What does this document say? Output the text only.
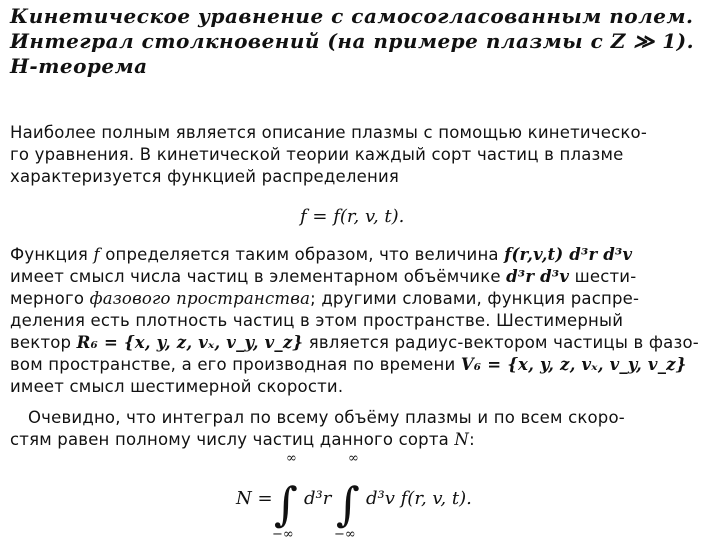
Кинетическое уравнение с самосогласованным полем.
Интеграл столкновений (на примере плазмы с Z ≫ 1).
Н-теорема
Наиболее полным является описание плазмы с помощью кинетическо-
го уравнения. В кинетической теории каждый сорт частиц в плазме
характеризуется функцией распределения
f = f(r, v, t).
Функция f определяется таким образом, что величина f(r,v,t) d³r d³v
имеет смысл числа частиц в элементарном объёмчике d³r d³v шести-
мерного фазового пространства; другими словами, функция распре-
деления есть плотность частиц в этом пространстве. Шестимерный
вектор R₆ = {x, y, z, vₓ, v_y, v_z} является радиус-вектором частицы в фазо-
вом пространстве, а его производная по времени V₆ = {x, y, z, vₓ, v_y, v_z}
имеет смысл шестимерной скорости.
Очевидно, что интеграл по всему объёму плазмы и по всем скоро-
стям равен полному числу частиц данного сорта N:
N =
∞
∫
−∞
d³r
∞
∫
−∞
d³v f(r, v, t).
